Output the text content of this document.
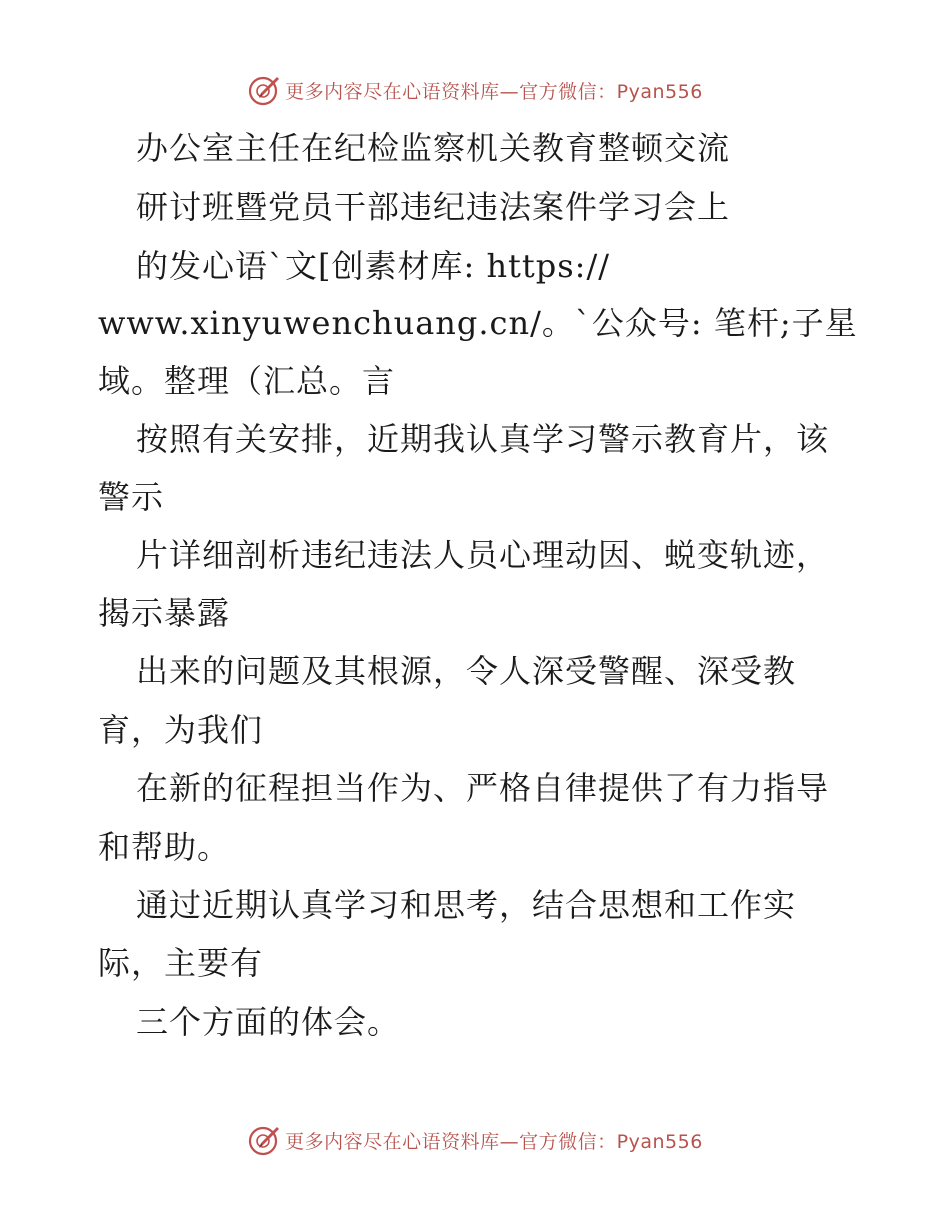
更多内容尽在心语资料库—官方微信：Pyan556
办公室主任在纪检监察机关教育整顿交流
研讨班暨党员干部违纪违法案件学习会上
的发心语`文[创素材库: https://
www.xinyuwenchuang.cn/。`公众号: 笔杆;子星
域。整理（汇总。言
按照有关安排，近期我认真学习警示教育片，该
警示
片详细剖析违纪违法人员心理动因、蜕变轨迹，
揭示暴露
出来的问题及其根源，令人深受警醒、深受教
育，为我们
在新的征程担当作为、严格自律提供了有力指导
和帮助。
通过近期认真学习和思考，结合思想和工作实
际，主要有
三个方面的体会。
更多内容尽在心语资料库—官方微信：Pyan556
